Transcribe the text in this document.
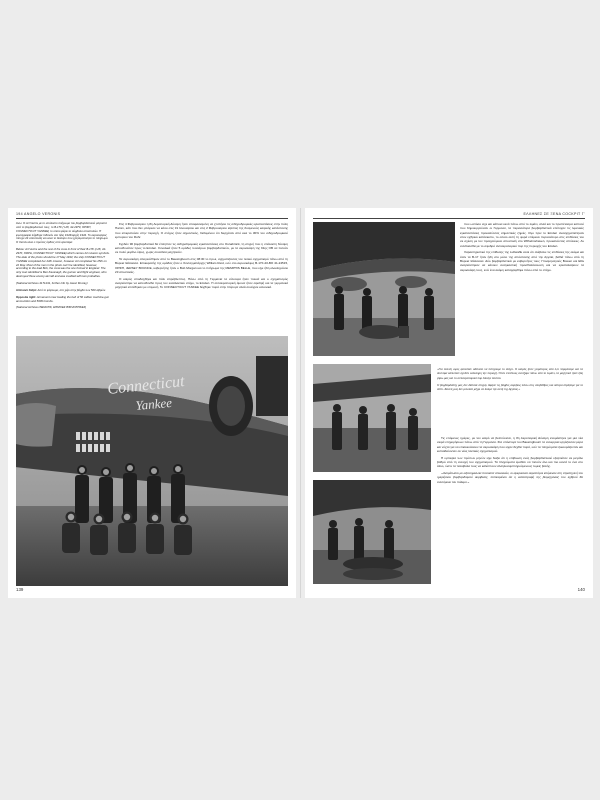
194 ANGELO VERONIS

Άνω: Ο Art Vernis με το υπόλοιπο πλήρωμα του βομβαρδιστικού μπροστά από το βομβαρδιστικό τους, το B-17F (Ί-28, 42-2970, ΟΡΦΗ, CONNECTICUT YANKEE) το οποίο φέρει τα σύμβολα αποστολών. Η φωτογραφία λήφθηκε πιθανόν στα τέλη 1943/αρχές 1944. Το αεροσκάφος πέτυχε 24 αποστολές και είναι το δεύτερο που χρησιμοποίησε το πλήρωμα. Ο Vernis είναι ο πρώτος όρθιος από αριστερά.

Below: Art Vernis and the rest of his crew in front of their B-17F (I-28, 42-2970, ORPH, CONNECTICUT YANKEE) which carries 24 mission symbols. The date of the photo should be 17 May 1943; the ship CONNECTICUT YANKEE completed her 24th mission, however Art completed his 25th on 22 May. Most of the men in the photo can't be identified, however, according to the lead Bob, the crew was the one formed in England. The only man identified is Ben Kavanagh, the gunner and flight engineer, who destroyed three enemy aircraft and was credited with two probables.

(National Archives 4171241, further info by Jason Murray)

Απέναντι δεξιά: Από το φόρτωμα, στο χέρι στην βόμβα των 500 λιβρών.

Opposite right: Armament crew loading the belt of 50 caliber machine-gun ammunition and 500lb bombs.

(National Archives ΘΕΜΑΤΙΚ, ΕΘΝΙΚΕΣ ΒΙΒΛΙΟΘΗΚΕΣ)

Στις 4 Φεβρουαρίου η 8η Αεροπορική Δύναμη ήταν αποφασισμένη να χτυπήσει τις σιδηροδρομικές εγκαταστάσεις στην πόλη Hamm, κάτι που δεν μπόρεσε να κάνει στις 31 Ιανουαρίου και στις 2 Φεβρουαρίου εξαιτίας της δυσμενούς καιρικής κατάστασης που επικρατούσε στην περιοχή. Ο στόχος ήταν σημαντικός, δεδομένου ότι διερχόταν από εκεί το 30% του σιδηροδρομικού εμπορίου του Ruhr.

Σχεδόν 90 βομβαρδιστικά θα έπλητταν τις σιδηροδρομικές εγκαταστάσεις στο Osnabrück, τη στιγμή που η υπόλοιπη δύναμη κατευθυνόταν προς το Emden. Συνολικά ήταν 5 ομάδες τεσσάρων βομβαρδιστικών, με τα αεροσκάφη της 91ης ΟΒ να πετούν σε πολύ μεγάλο ύψος, χωρίς συνοδεία μαχητικών.

Τα αεροσκάφη απογειώθηκαν από το Bassingbourn στις 08:30 το πρωί, σχηματίζοντας τον τελικό σχηματισμό πάνω από τη Βόρεια Θάλασσα. Επικεφαλής της ομάδας ήταν ο Συνταγματάρχης William Reid, ενώ στο αεροσκάφος B-17F-20-BO 41-24515, ΟΡΦΗ, JERSEY BOUNCE, κυβερνήτης ήταν ο Bob Morgan και το πλήρωμα της MEMPHIS BELLE, που είχε ήδη ολοκληρώσει 23 αποστολές.

Ο καιρός αποδείχθηκε και πάλι απρόβλεπτος. Πάνω από τη Γερμανία τα σύννεφα ήταν πυκνά και ο σχηματισμός αναγκάστηκε να κατευθυνθεί προς τον εναλλακτικό στόχο, το Emden. Η αντιαεροπορική άμυνα ήταν σφοδρή και τα γερμανικά μαχητικά επιτέθηκαν με επιμονή. Το CONNECTICUT YANKEE δέχθηκε πυρά στην πτέρυγα αλλά συνέχισε κανονικά.

Connecticut
Yankee
139
ΕΛΛΗΝΕΣ ΣΕ ΞΕΝΑ COCKPIT Γ'

που ωστόσο είχε και κάποια κενά πάνω από το λιμάνι, αλλά και το προπέτασμα καπνού που δημιουργούσαν οι Γερμανοί, τα περισσότερα βομβαρδιστικά επέτυχαν τις λιμενικές εγκαταστάσεις προκαλώντας σημαντικές ζημιές. Λίγο πριν το Emden ανασχηματίστηκαν στον εχθρικό κατάσκοπο, το οποίο αυτή τη φορά επέμεινε περισσότερο στις επιθέσεις του σε σχέση με τον προηγούμενο αποστολή στο Wilhelmshaven, προκαλώντας απώλειες. Αν συνδυασθεί με το σφοδρό αντιαεροπορικό πυρ της περιοχής του Emden.

Χαρακτηριστικό της επίθεσης της Luftwaffe είναι ότι ανέβαινε τις επιθέσεις της ακόμα και όταν τα B-17 ήταν ήδη στο μέσο της απόστασης από την Αγγλία, βαθιά πάνω από τη Βόρεια Θάλασσα. Δύο βομβαρδιστικά με κυβερνήτες τους Υποσμηναγούς Bowen και Ellis αναγκάστηκαν να κάνουν αναγκαστική προσθαλάσσωση και να εγκαταλείψουν τα αεροσκάφη τους, ενώ ένα ακόμη καταρρίφθηκε πάνω από το στόχο.

«Για πολλές ώρες φαινόταν αδύνατο να πετύχουμε το στόχο. Ο καιρός ήταν χειρότερος από ό,τι περιμέναμε και τα σύννεφα κάλυπταν σχεδόν ολόκληρη την περιοχή. Όταν επιτέλους ανοίξαμε πάνω από το λιμάνι, τα μαχητικά ήταν ήδη γύρω μας και το αντιαεροπορικό πυρ έσκαγε παντού.

Ο βομβαρδιστής μας δεν δίστασε στιγμή. Άφησε τις βόμβες ακριβώς πάνω στις αποβάθρες και ύστερα στρίψαμε για το σπίτι. Κανείς μας δεν μιλούσε μέχρι να δούμε την ακτή της Αγγλίας.»

Τις επόμενες ημέρες, με τον καιρό να βελτιώνεται, η 8η Αεροπορική Δύναμη ετοιμάστηκε για μια νέα σειρά επιχειρήσεων πάνω από τη Γερμανία. Στα υπόστεγα του Bassingbourn τα συνεργεία εργάζονταν μέρα και νύχτα για να επισκευάσουν τα αεροσκάφη που είχαν δεχθεί πυρά, ενώ τα πληρώματα ξεκουράζονταν και εκπαιδεύονταν σε νέες τακτικές σχηματισμού.

Η εμπειρία των πρώτων μηνών είχε δείξει ότι η επιβίωση ενός βομβαρδιστικού εξαρτιόταν σε μεγάλο βαθμό από τη συνοχή του σχηματισμού. Τα πληρώματα έμαθαν να πετούν όλο και πιο κοντά το ένα στο άλλο, ώστε τα πολυβόλα τους να καλύπτουν αλληλοσυμπληρούμενους τομείς βολής.

«Αντιμέτωποι με αξιοσημείωτα ποσοστά απωλειών, οι αμερικανοί αεροπόροι επέμεναν στη στρατηγική του ημερήσιου βομβαρδισμού ακριβείας, πεπεισμένοι ότι η καταστροφή της βιομηχανίας του εχθρού θα συντόμευε τον πόλεμο.»

140
